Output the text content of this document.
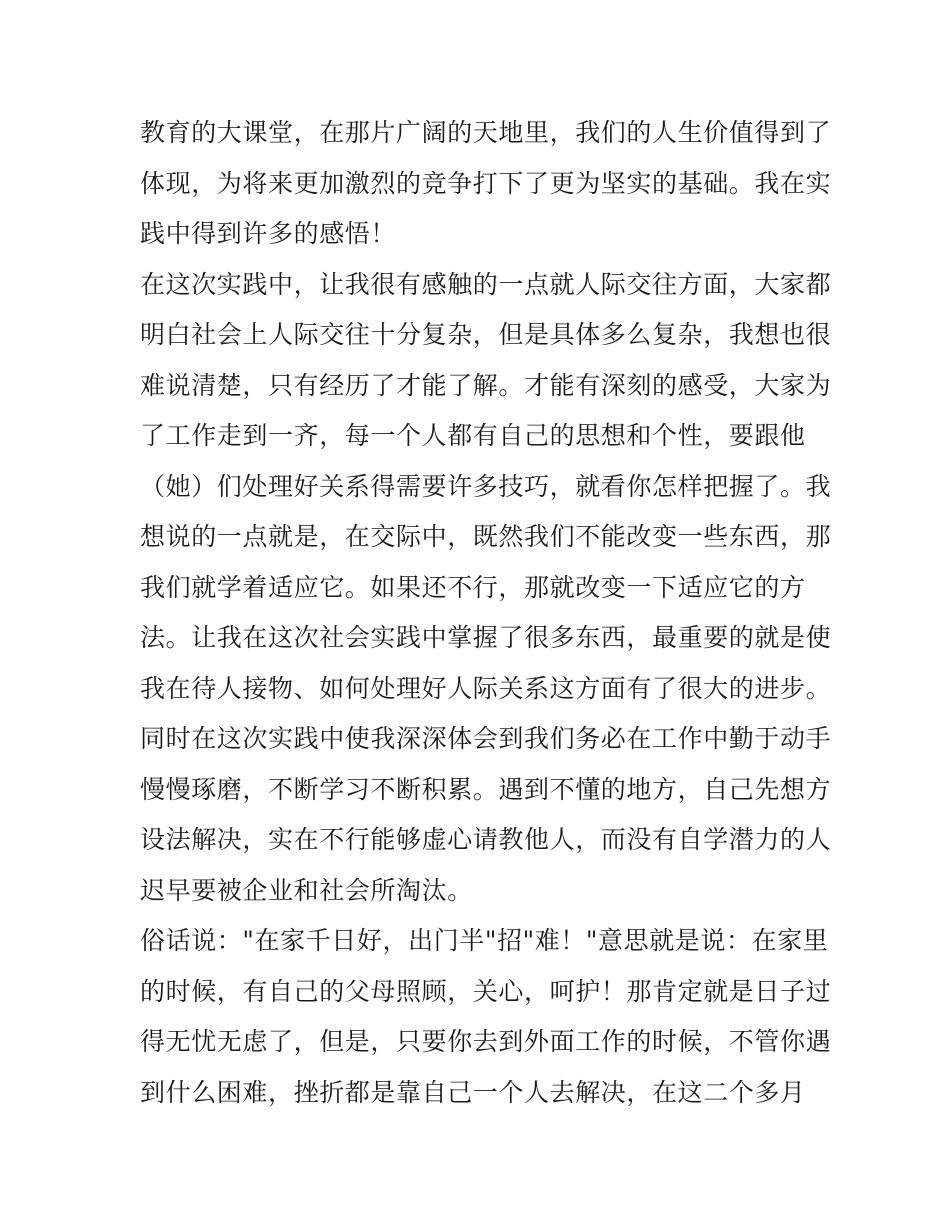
教育的大课堂，在那片广阔的天地里，我们的人生价值得到了
体现，为将来更加激烈的竞争打下了更为坚实的基础。我在实
践中得到许多的感悟！
在这次实践中，让我很有感触的一点就人际交往方面，大家都
明白社会上人际交往十分复杂，但是具体多么复杂，我想也很
难说清楚，只有经历了才能了解。才能有深刻的感受，大家为
了工作走到一齐，每一个人都有自己的思想和个性，要跟他
（她）们处理好关系得需要许多技巧，就看你怎样把握了。我
想说的一点就是，在交际中，既然我们不能改变一些东西，那
我们就学着适应它。如果还不行，那就改变一下适应它的方
法。让我在这次社会实践中掌握了很多东西，最重要的就是使
我在待人接物、如何处理好人际关系这方面有了很大的进步。
同时在这次实践中使我深深体会到我们务必在工作中勤于动手
慢慢琢磨，不断学习不断积累。遇到不懂的地方，自己先想方
设法解决，实在不行能够虚心请教他人，而没有自学潜力的人
迟早要被企业和社会所淘汰。
俗话说："在家千日好，出门半"招"难！"意思就是说：在家里
的时候，有自己的父母照顾，关心，呵护！那肯定就是日子过
得无忧无虑了，但是，只要你去到外面工作的时候，不管你遇
到什么困难，挫折都是靠自己一个人去解决，在这二个多月
